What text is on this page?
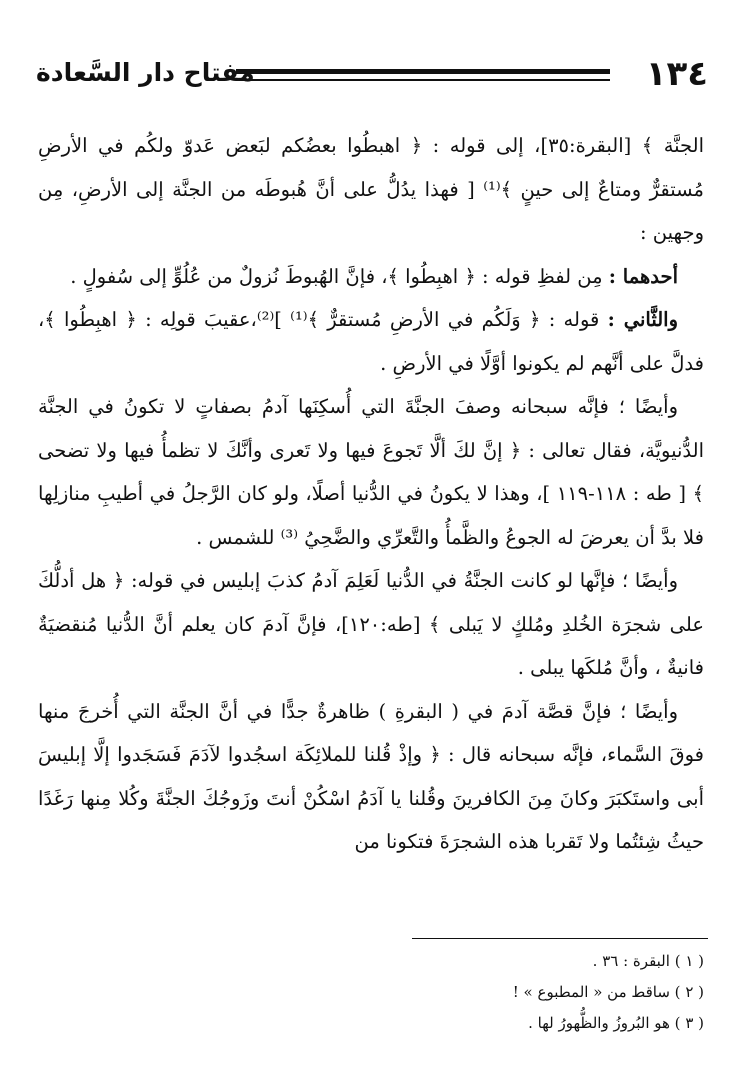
١٣٤
مفتاح دار السَّعادة

الجنَّة ﴾ [البقرة:٣٥]، إلى قوله : ﴿ اهبطُوا بعضُكم لبَعض عَدوّ ولكُم في الأرضِ مُستقرٌّ ومتاعٌ إلى حينٍ ﴾⁽¹⁾ [ فهذا يدُلُّ على أنَّ هُبوطَه من الجنَّة إلى الأرضِ، مِن وجهين :

أحدهما : مِن لفظِ قوله : ﴿ اهبِطُوا ﴾، فإنَّ الهُبوطَ نُزولٌ من عُلُوٍّ إلى سُفولٍ .

والثَّاني : قوله : ﴿ وَلَكُم في الأرضِ مُستقرٌّ ﴾⁽¹⁾ ]⁽²⁾،عقيبَ قولِه : ﴿ اهبِطُوا ﴾، فدلَّ على أنَّهم لم يكونوا أوَّلًا في الأرضِ .

وأيضًا ؛ فإنَّه سبحانه وصفَ الجنَّةَ التي أُسكِنَها آدمُ بصفاتٍ لا تكونُ في الجنَّة الدُّنيويَّة، فقال تعالى : ﴿ إنَّ لكَ ألَّا تَجوعَ فيها ولا تَعرى وأنَّكَ لا تظمأُ فيها ولا تضحى ﴾ [ طه : ١١٨-١١٩ ]، وهذا لا يكونُ في الدُّنيا أصلًا، ولو كان الرَّجلُ في أطيبِ منازلِها فلا بدَّ أن يعرضَ له الجوعُ والظَّمأُ والتَّعرِّي والضَّحِيُ ⁽³⁾ للشمس .

وأيضًا ؛ فإنَّها لو كانت الجنَّةُ في الدُّنيا لَعَلِمَ آدمُ كذبَ إبليس في قوله: ﴿ هل أدلُّكَ على شجرَة الخُلدِ ومُلكٍ لا يَبلى ﴾ [طه:١٢٠]، فإنَّ آدمَ كان يعلم أنَّ الدُّنيا مُنقضيَةٌ فانيةٌ ، وأنَّ مُلكَها يبلى .

وأيضًا ؛ فإنَّ قصَّة آدمَ في ( البقرةِ ) ظاهرةٌ جدًّا في أنَّ الجنَّة التي أُخرجَ منها فوقَ السَّماء، فإنَّه سبحانه قال : ﴿ وإذْ قُلنا للملائِكَة اسجُدوا لآدَمَ فَسَجَدوا إلَّا إبليسَ أبى واستَكبَرَ وكانَ مِنَ الكافرينَ وقُلنا يا آدَمُ اسْكُنْ أنتَ وزَوجُكَ الجنَّةَ وكُلا مِنها رَغَدًا حيثُ شِئتُما ولا تَقربا هذه الشجرَةَ فتكونا من

( ١ ) البقرة : ٣٦ .
( ٢ ) ساقط من « المطبوع » !
( ٣ ) هو البُروزُ والظُّهورُ لها .
